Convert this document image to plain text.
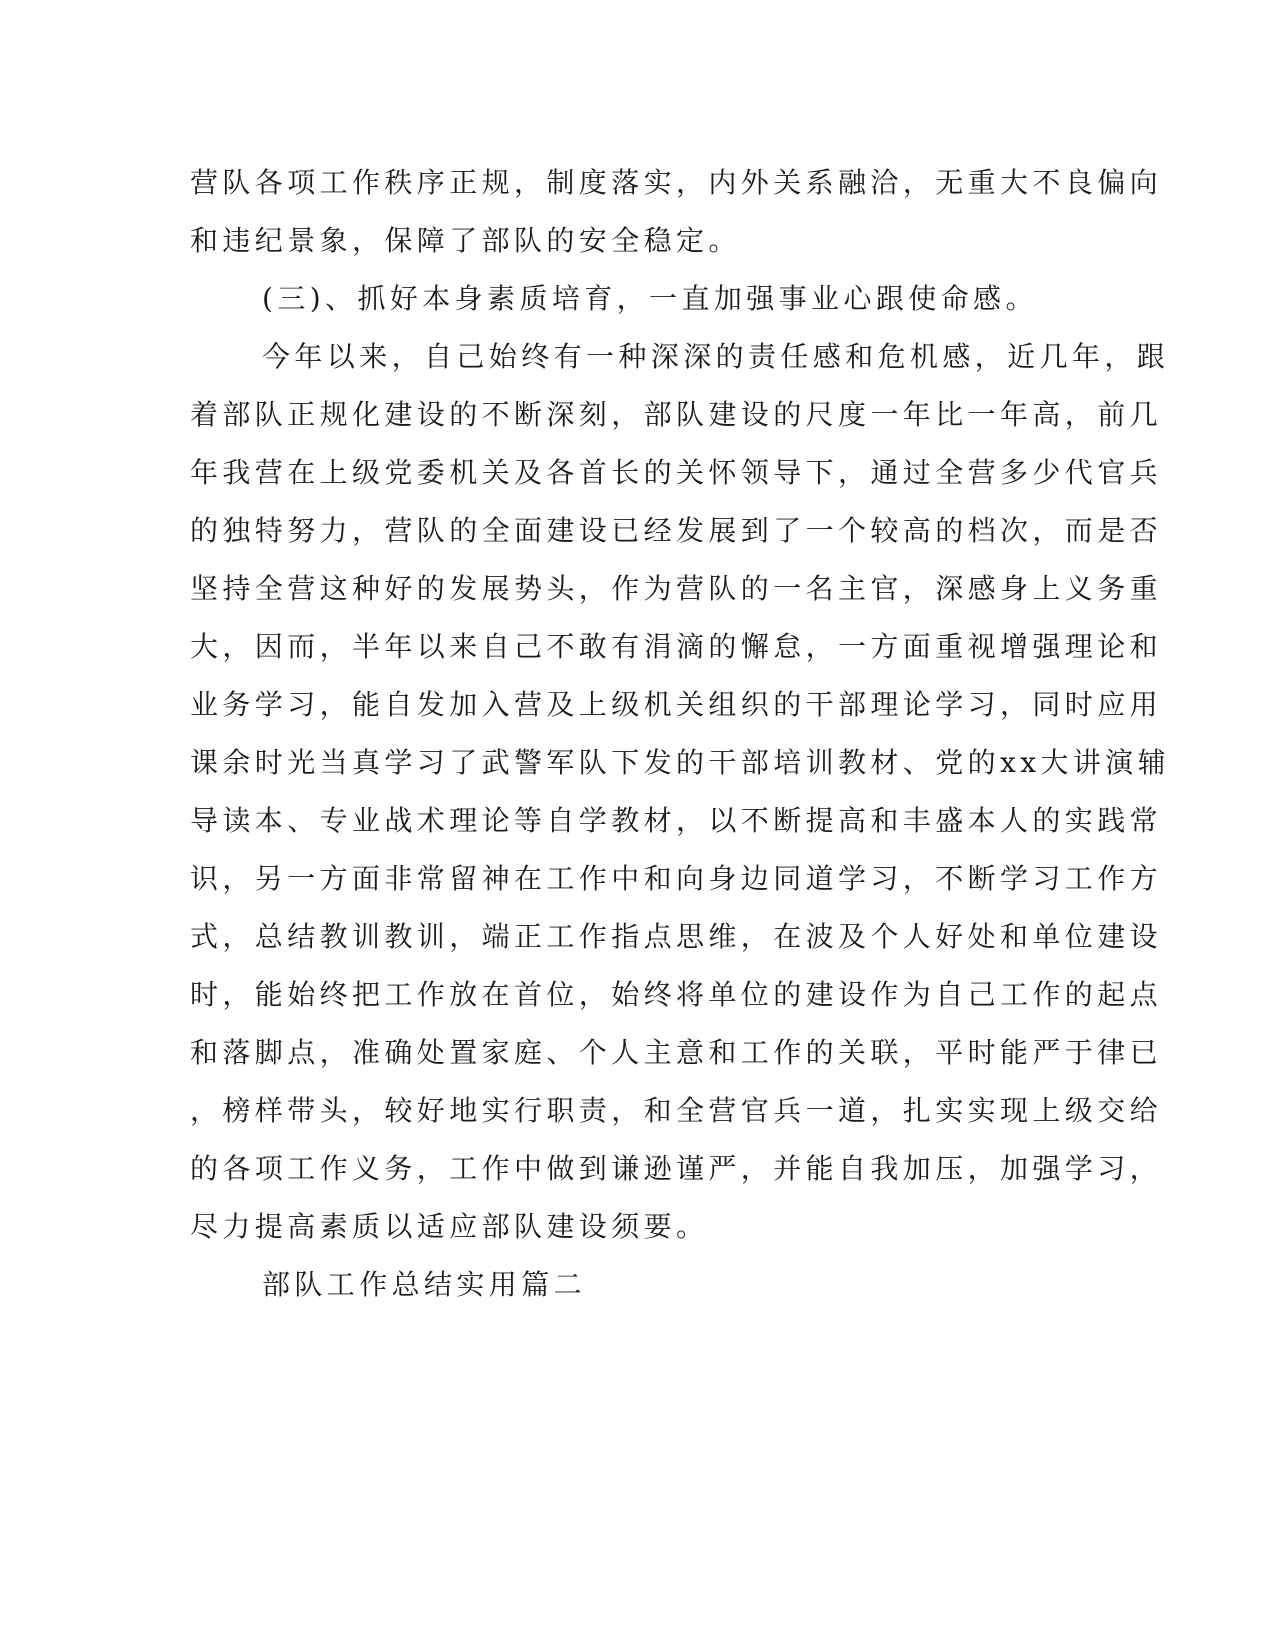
营队各项工作秩序正规，制度落实，内外关系融洽，无重大不良偏向

和违纪景象，保障了部队的安全稳定。

(三)、抓好本身素质培育，一直加强事业心跟使命感。

今年以来，自己始终有一种深深的责任感和危机感，近几年，跟

着部队正规化建设的不断深刻，部队建设的尺度一年比一年高，前几

年我营在上级党委机关及各首长的关怀领导下，通过全营多少代官兵

的独特努力，营队的全面建设已经发展到了一个较高的档次，而是否

坚持全营这种好的发展势头，作为营队的一名主官，深感身上义务重

大，因而，半年以来自己不敢有涓滴的懈怠，一方面重视增强理论和

业务学习，能自发加入营及上级机关组织的干部理论学习，同时应用

课余时光当真学习了武警军队下发的干部培训教材、党的xx大讲演辅

导读本、专业战术理论等自学教材，以不断提高和丰盛本人的实践常

识，另一方面非常留神在工作中和向身边同道学习，不断学习工作方

式，总结教训教训，端正工作指点思维，在波及个人好处和单位建设

时，能始终把工作放在首位，始终将单位的建设作为自己工作的起点

和落脚点，准确处置家庭、个人主意和工作的关联，平时能严于律已

，榜样带头，较好地实行职责，和全营官兵一道，扎实实现上级交给

的各项工作义务，工作中做到谦逊谨严，并能自我加压，加强学习，

尽力提高素质以适应部队建设须要。

部队工作总结实用篇二
